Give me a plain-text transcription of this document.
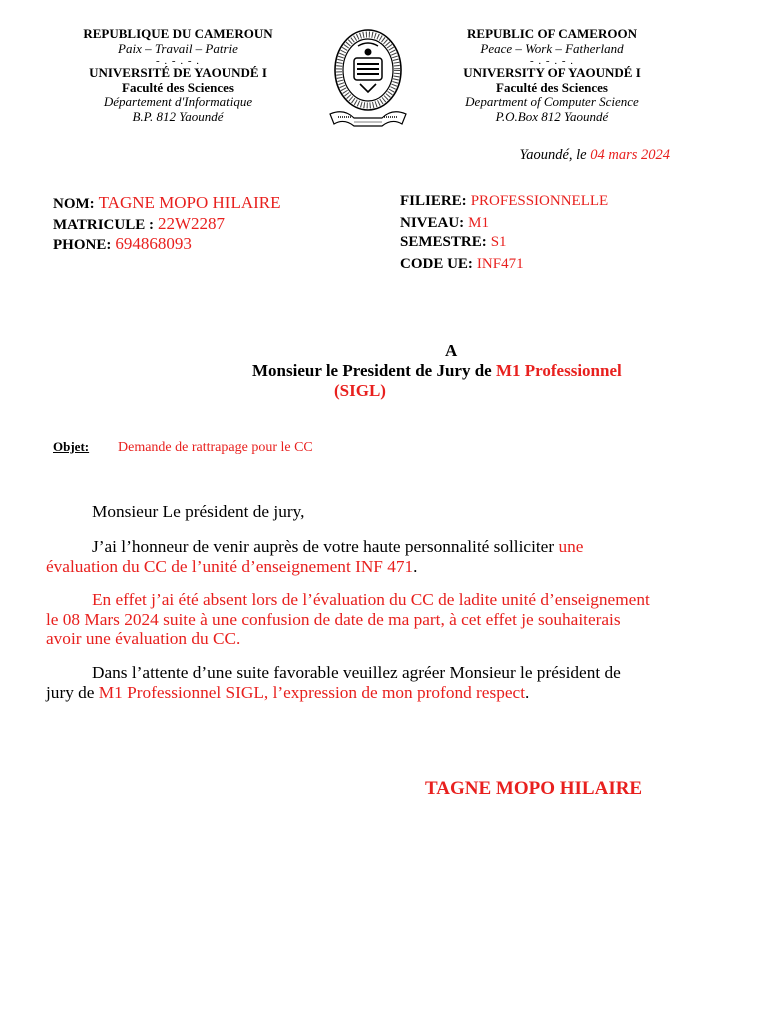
REPUBLIQUE DU CAMEROUN
Paix – Travail – Patrie
- . - . - .
UNIVERSITÉ DE YAOUNDÉ I
Faculté des Sciences
Département d'Informatique
B.P. 812 Yaoundé
REPUBLIC OF CAMEROON
Peace – Work – Fatherland
- . - . - .
UNIVERSITY OF YAOUNDÉ I
Faculté des Sciences
Department of Computer Science
P.O.Box 812 Yaoundé
Yaoundé, le 04 mars 2024
NOM: TAGNE MOPO HILAIRE
MATRICULE : 22W2287
PHONE: 694868093
FILIERE: PROFESSIONNELLE
NIVEAU: M1
SEMESTRE: S1
CODE UE: INF471
A
Monsieur le President de Jury de M1 Professionnel
(SIGL)
Objet: Demande de rattrapage pour le CC
Monsieur Le président de jury,
J’ai l’honneur de venir auprès de votre haute personnalité solliciter une
évaluation du CC de l’unité d’enseignement INF 471.
En effet j’ai été absent lors de l’évaluation du CC de ladite unité d’enseignement
le 08 Mars 2024 suite à une confusion de date de ma part, à cet effet je souhaiterais
avoir une évaluation du CC.
Dans l’attente d’une suite favorable veuillez agréer Monsieur le président de
jury de M1 Professionnel SIGL, l’expression de mon profond respect.
TAGNE MOPO HILAIRE
